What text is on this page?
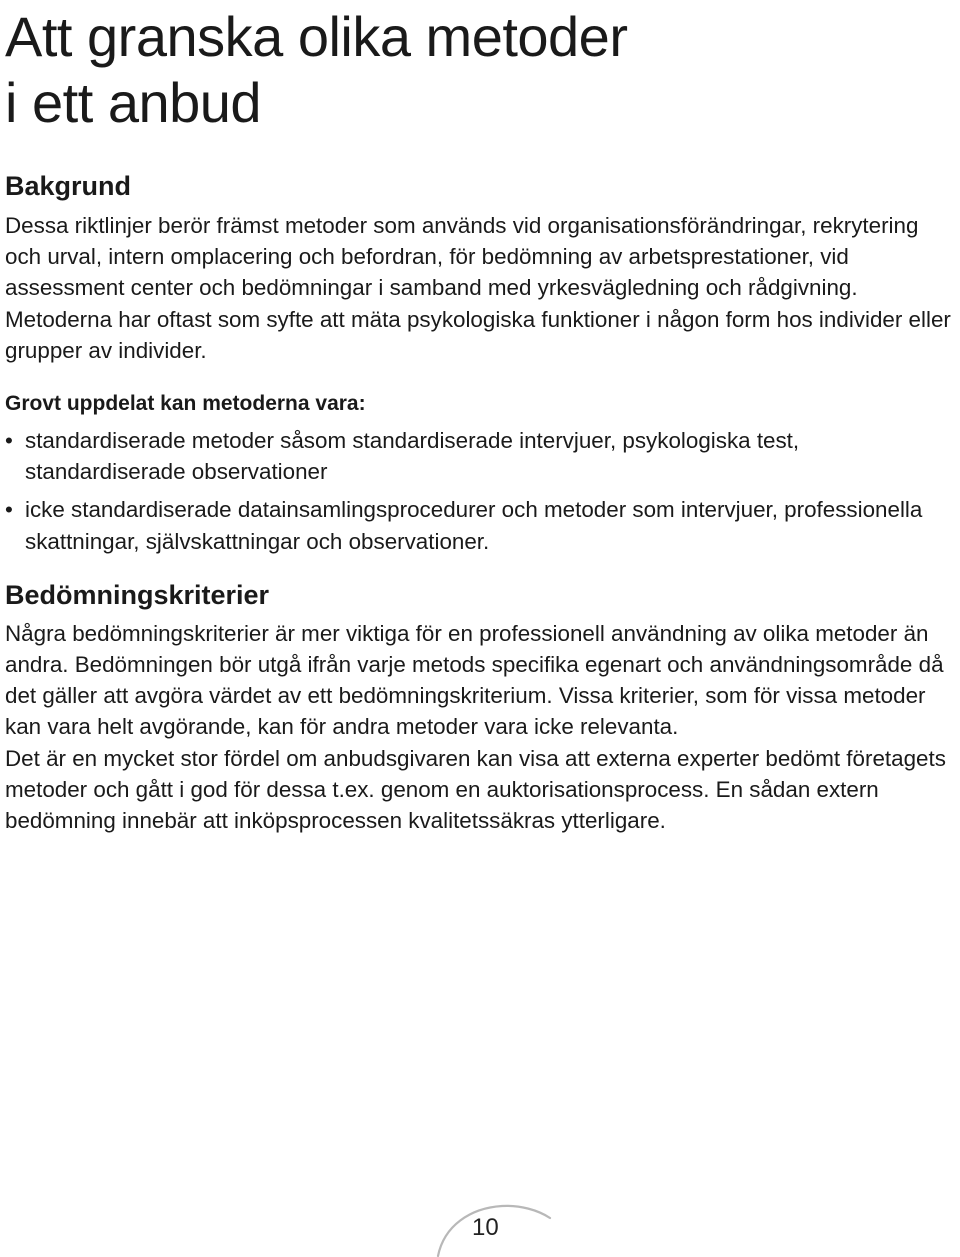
Att granska olika metoder
i ett anbud
Bakgrund

Dessa riktlinjer berör främst metoder som används vid organisationsförändringar, rekrytering och urval, intern omplacering och befordran, för bedömning av arbetsprestationer, vid assessment center och bedömningar i samband med yrkesvägledning och rådgivning. Metoderna har oftast som syfte att mäta psykologiska funktioner i någon form hos individer eller grupper av individer.

Grovt uppdelat kan metoderna vara:
• standardiserade metoder såsom standardiserade intervjuer, psykologiska test, standardiserade observationer
• icke standardiserade datainsamlingsprocedurer och metoder som intervjuer, professionella skattningar, självskattningar och observationer.
Bedömningskriterier

Några bedömningskriterier är mer viktiga för en professionell användning av olika metoder än andra. Bedömningen bör utgå ifrån varje metods specifika egenart och användningsområde då det gäller att avgöra värdet av ett bedömningskriterium. Vissa kriterier, som för vissa metoder kan vara helt avgörande, kan för andra metoder vara icke relevanta.

Det är en mycket stor fördel om anbudsgivaren kan visa att externa experter bedömt företagets metoder och gått i god för dessa t.ex. genom en auktorisationsprocess. En sådan extern bedömning innebär att inköpsprocessen kvalitetssäkras ytterligare.

10
